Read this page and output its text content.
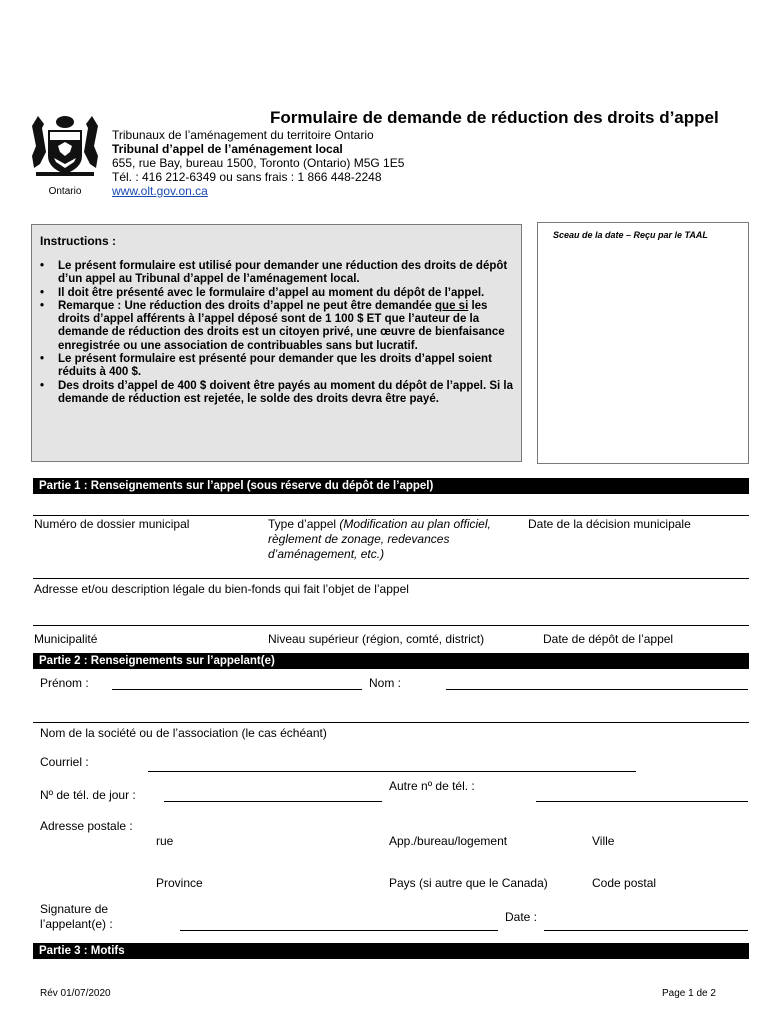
Ontario
Formulaire de demande de réduction des droits d’appel
Tribunaux de l’aménagement du territoire Ontario
Tribunal d’appel de l’aménagement local
655, rue Bay, bureau 1500, Toronto (Ontario) M5G 1E5
Tél. : 416 212-6349 ou sans frais : 1 866 448-2248
www.olt.gov.on.ca
Instructions :
• Le présent formulaire est utilisé pour demander une réduction des droits de dépôt d’un appel au Tribunal d’appel de l’aménagement local.
• Il doit être présenté avec le formulaire d’appel au moment du dépôt de l’appel.
• Remarque : Une réduction des droits d’appel ne peut être demandée que si les droits d’appel afférents à l’appel déposé sont de 1 100 $ ET que l’auteur de la demande de réduction des droits est un citoyen privé, une œuvre de bienfaisance enregistrée ou une association de contribuables sans but lucratif.
• Le présent formulaire est présenté pour demander que les droits d’appel soient réduits à 400 $.
• Des droits d’appel de 400 $ doivent être payés au moment du dépôt de l’appel. Si la demande de réduction est rejetée, le solde des droits devra être payé.
Sceau de la date – Reçu par le TAAL
Partie 1 : Renseignements sur l’appel (sous réserve du dépôt de l’appel)
Numéro de dossier municipal	Type d’appel (Modification au plan officiel,
règlement de zonage, redevances
d’aménagement, etc.)
Date de la décision municipale
Adresse et/ou description légale du bien-fonds qui fait l’objet de l’appel
Municipalité	Niveau supérieur (région, comté, district)	Date de dépôt de l’appel
Partie 2 : Renseignements sur l’appelant(e)
Prénom :	Nom :
Nom de la société ou de l’association (le cas échéant)
Courriel :
Nº de tél. de jour :
Autre nº de tél. :
Adresse postale :
rue	App./bureau/logement	Ville
Province	Pays (si autre que le Canada)	Code postal
Signature de
l’appelant(e) :	Date :
Partie 3 : Motifs
Rév 01/07/2020	Page 1 de 2
